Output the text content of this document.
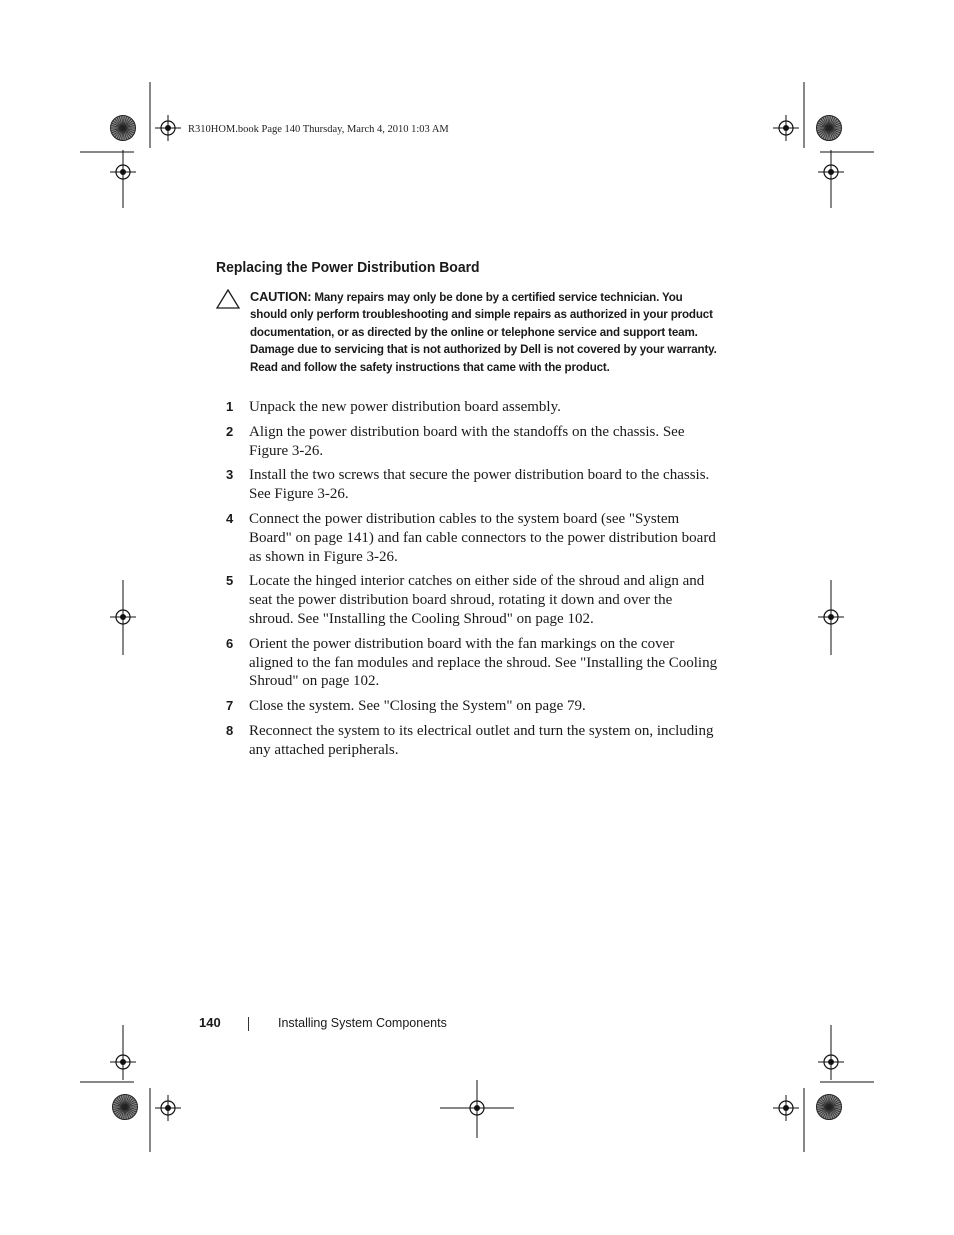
R310HOM.book Page 140 Thursday, March 4, 2010 1:03 AM
Replacing the Power Distribution Board
CAUTION: Many repairs may only be done by a certified service technician. You should only perform troubleshooting and simple repairs as authorized in your product documentation, or as directed by the online or telephone service and support team. Damage due to servicing that is not authorized by Dell is not covered by your warranty. Read and follow the safety instructions that came with the product.
1 Unpack the new power distribution board assembly.
2 Align the power distribution board with the standoffs on the chassis. See Figure 3-26.
3 Install the two screws that secure the power distribution board to the chassis. See Figure 3-26.
4 Connect the power distribution cables to the system board (see "System Board" on page 141) and fan cable connectors to the power distribution board as shown in Figure 3-26.
5 Locate the hinged interior catches on either side of the shroud and align and seat the power distribution board shroud, rotating it down and over the shroud. See "Installing the Cooling Shroud" on page 102.
6 Orient the power distribution board with the fan markings on the cover aligned to the fan modules and replace the shroud. See "Installing the Cooling Shroud" on page 102.
7 Close the system. See "Closing the System" on page 79.
8 Reconnect the system to its electrical outlet and turn the system on, including any attached peripherals.
140	Installing System Components
